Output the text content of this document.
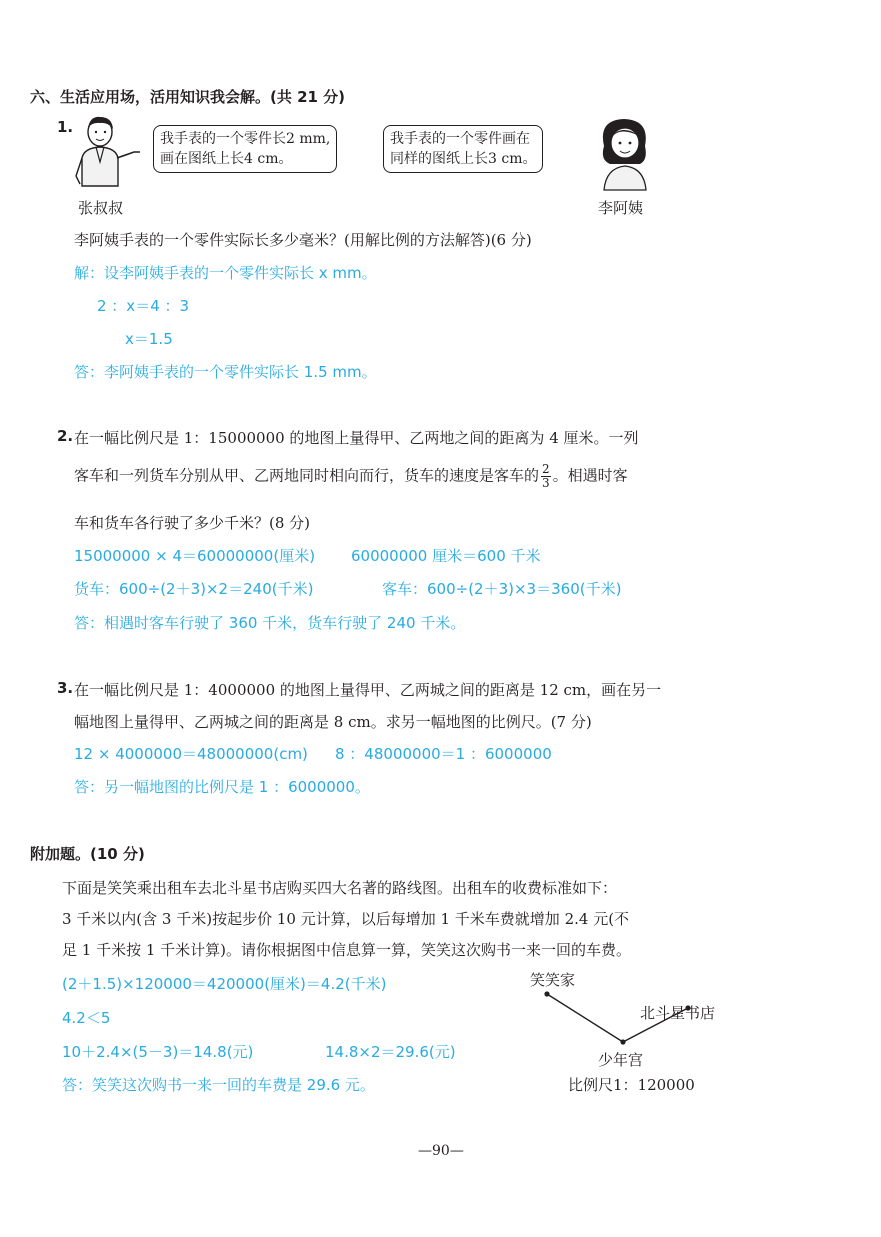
六、生活应用场，活用知识我会解。(共 21 分)
1.
张叔叔
我手表的一个零件长2 mm,
画在图纸上长4 cm。
我手表的一个零件画在
同样的图纸上长3 cm。
李阿姨
李阿姨手表的一个零件实际长多少毫米？(用解比例的方法解答)(6 分)
解：设李阿姨手表的一个零件实际长 x mm。
2 ：x＝4 ：3
x＝1.5
答：李阿姨手表的一个零件实际长 1.5 mm。
2. 在一幅比例尺是 1：15000000 的地图上量得甲、乙两地之间的距离为 4 厘米。一列
客车和一列货车分别从甲、乙两地同时相向而行，货车的速度是客车的 $\frac{2}{3}$ 。相遇时客
车和货车各行驶了多少千米？(8 分)
15000000 × 4＝60000000(厘米) 60000000 厘米＝600 千米
货车：600÷(2＋3)×2＝240(千米)	客车：600÷(2＋3)×3＝360(千米)
答：相遇时客车行驶了 360 千米，货车行驶了 240 千米。
3. 在一幅比例尺是 1：4000000 的地图上量得甲、乙两城之间的距离是 12 cm，画在另一
幅地图上量得甲、乙两城之间的距离是 8 cm。求另一幅地图的比例尺。(7 分)
12 × 4000000＝48000000(cm) 8 ：48000000＝1 ：6000000
答：另一幅地图的比例尺是 1 ：6000000。
附加题。(10 分)
下面是笑笑乘出租车去北斗星书店购买四大名著的路线图。出租车的收费标准如下：
3 千米以内(含 3 千米)按起步价 10 元计算，以后每增加 1 千米车费就增加 2.4 元(不
足 1 千米按 1 千米计算)。请你根据图中信息算一算，笑笑这次购书一来一回的车费。
(2＋1.5)×120000＝420000(厘米)＝4.2(千米)
4.2＜5
10＋2.4×(5－3)＝14.8(元)	14.8×2＝29.6(元)
答：笑笑这次购书一来一回的车费是 29.6 元。
笑笑家
北斗星书店
少年宫
比例尺1：120000
—90—
